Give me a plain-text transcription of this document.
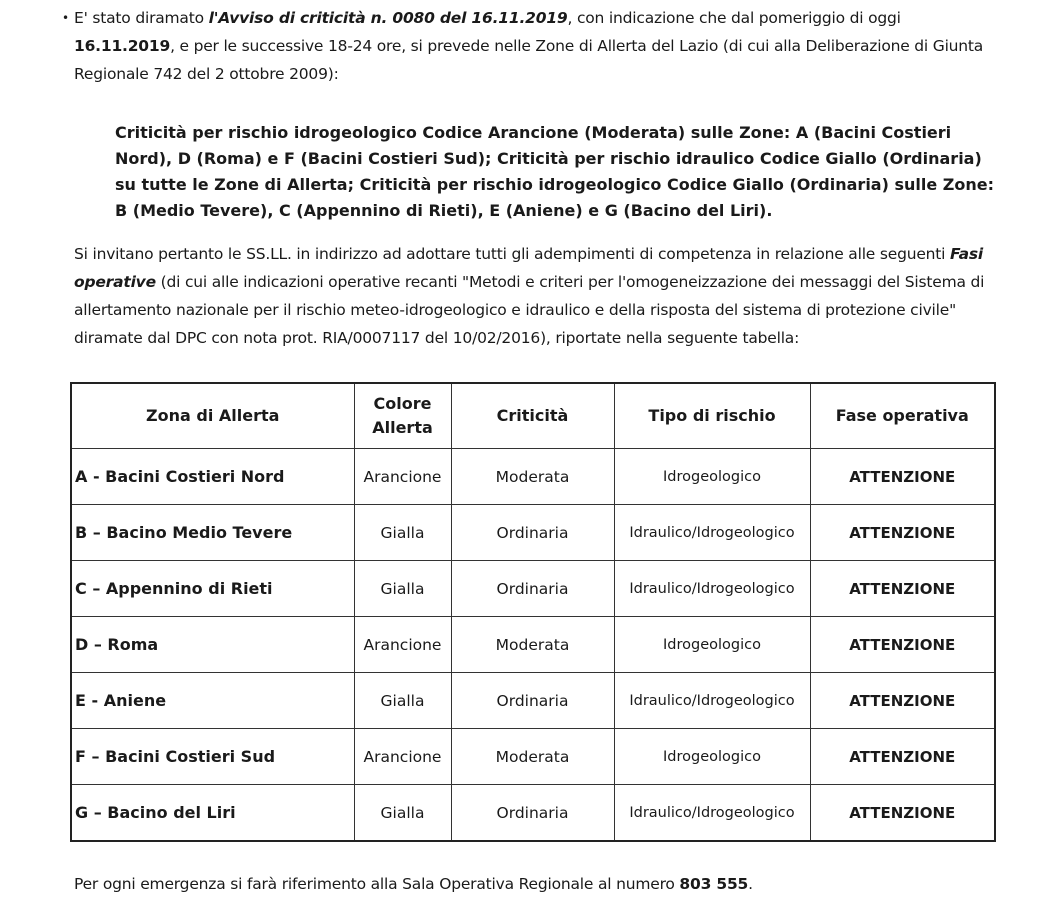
• E' stato diramato l'Avviso di criticità n. 0080 del 16.11.2019, con indicazione che dal pomeriggio di oggi 16.11.2019, e per le successive 18-24 ore, si prevede nelle Zone di Allerta del Lazio (di cui alla Deliberazione di Giunta Regionale 742 del 2 ottobre 2009):
Criticità per rischio idrogeologico Codice Arancione (Moderata) sulle Zone: A (Bacini Costieri Nord), D (Roma) e F (Bacini Costieri Sud); Criticità per rischio idraulico Codice Giallo (Ordinaria) su tutte le Zone di Allerta; Criticità per rischio idrogeologico Codice Giallo (Ordinaria) sulle Zone: B (Medio Tevere), C (Appennino di Rieti), E (Aniene) e G (Bacino del Liri).
Si invitano pertanto le SS.LL. in indirizzo ad adottare tutti gli adempimenti di competenza in relazione alle seguenti Fasi operative (di cui alle indicazioni operative recanti "Metodi e criteri per l'omogeneizzazione dei messaggi del Sistema di allertamento nazionale per il rischio meteo-idrogeologico e idraulico e della risposta del sistema di protezione civile" diramate dal DPC con nota prot. RIA/0007117 del 10/02/2016), riportate nella seguente tabella:
Zona di Allerta	Colore Allerta	Criticità	Tipo di rischio	Fase operativa
A - Bacini Costieri Nord	Arancione	Moderata	Idrogeologico	ATTENZIONE
B – Bacino Medio Tevere	Gialla	Ordinaria	Idraulico/Idrogeologico	ATTENZIONE
C – Appennino di Rieti	Gialla	Ordinaria	Idraulico/Idrogeologico	ATTENZIONE
D – Roma	Arancione	Moderata	Idrogeologico	ATTENZIONE
E - Aniene	Gialla	Ordinaria	Idraulico/Idrogeologico	ATTENZIONE
F – Bacini Costieri Sud	Arancione	Moderata	Idrogeologico	ATTENZIONE
G – Bacino del Liri	Gialla	Ordinaria	Idraulico/Idrogeologico	ATTENZIONE
Per ogni emergenza si farà riferimento alla Sala Operativa Regionale al numero 803 555.
